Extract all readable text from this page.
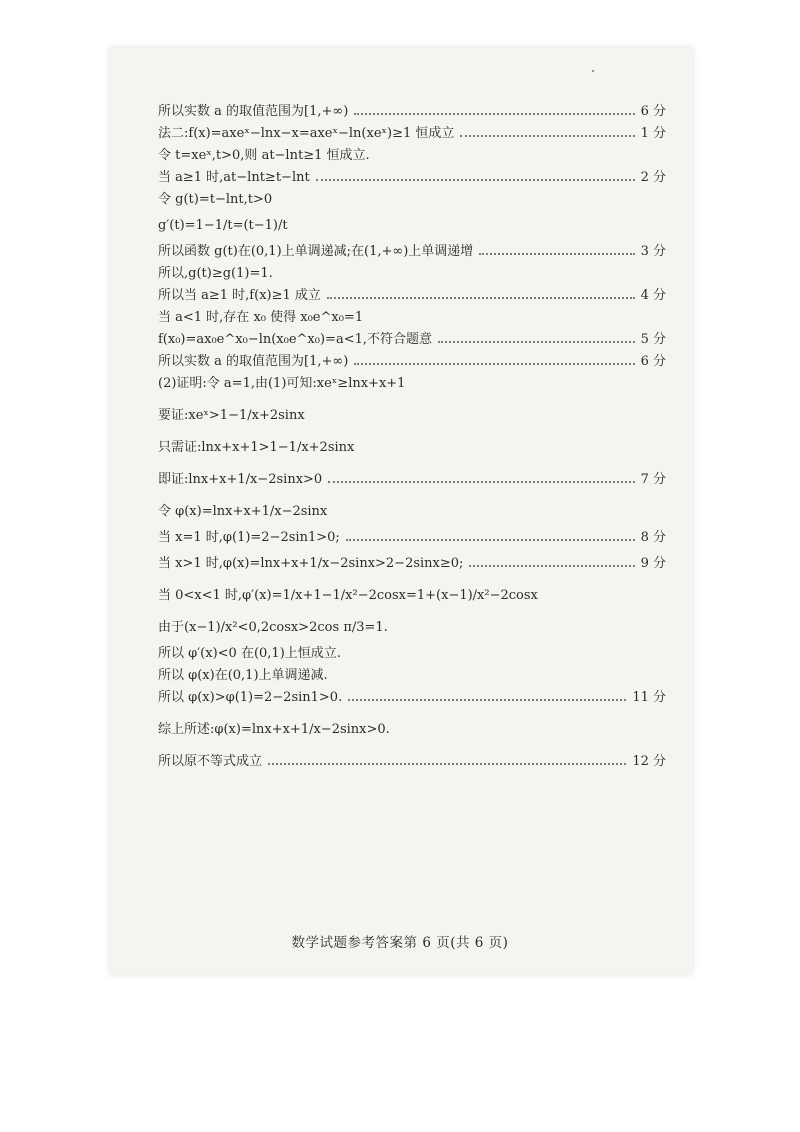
所以实数 a 的取值范围为[1,+∞)	6 分
法二:f(x)=axeˣ−lnx−x=axeˣ−ln(xeˣ)≥1 恒成立	1 分
令 t=xeˣ,t>0,则 at−lnt≥1 恒成立.
当 a≥1 时,at−lnt≥t−lnt	2 分
令 g(t)=t−lnt,t>0
g′(t)=1−1/t=(t−1)/t
所以函数 g(t)在(0,1)上单调递减;在(1,+∞)上单调递增	3 分
所以,g(t)≥g(1)=1.
所以当 a≥1 时,f(x)≥1 成立	4 分
当 a<1 时,存在 x₀ 使得 x₀e^x₀=1
f(x₀)=ax₀e^x₀−ln(x₀e^x₀)=a<1,不符合题意	5 分
所以实数 a 的取值范围为[1,+∞)	6 分
(2)证明:令 a=1,由(1)可知:xeˣ≥lnx+x+1
要证:xeˣ>1−1/x+2sinx
只需证:lnx+x+1>1−1/x+2sinx
即证:lnx+x+1/x−2sinx>0	7 分
令 φ(x)=lnx+x+1/x−2sinx
当 x=1 时,φ(1)=2−2sin1>0;	8 分
当 x>1 时,φ(x)=lnx+x+1/x−2sinx>2−2sinx≥0;	9 分
当 0<x<1 时,φ′(x)=1/x+1−1/x²−2cosx=1+(x−1)/x²−2cosx
由于(x−1)/x²<0,2cosx>2cos π/3=1.
所以 φ′(x)<0 在(0,1)上恒成立.
所以 φ(x)在(0,1)上单调递减.
所以 φ(x)>φ(1)=2−2sin1>0.	11 分
综上所述:φ(x)=lnx+x+1/x−2sinx>0.
所以原不等式成立	12 分
数学试题参考答案第 6 页(共 6 页)
